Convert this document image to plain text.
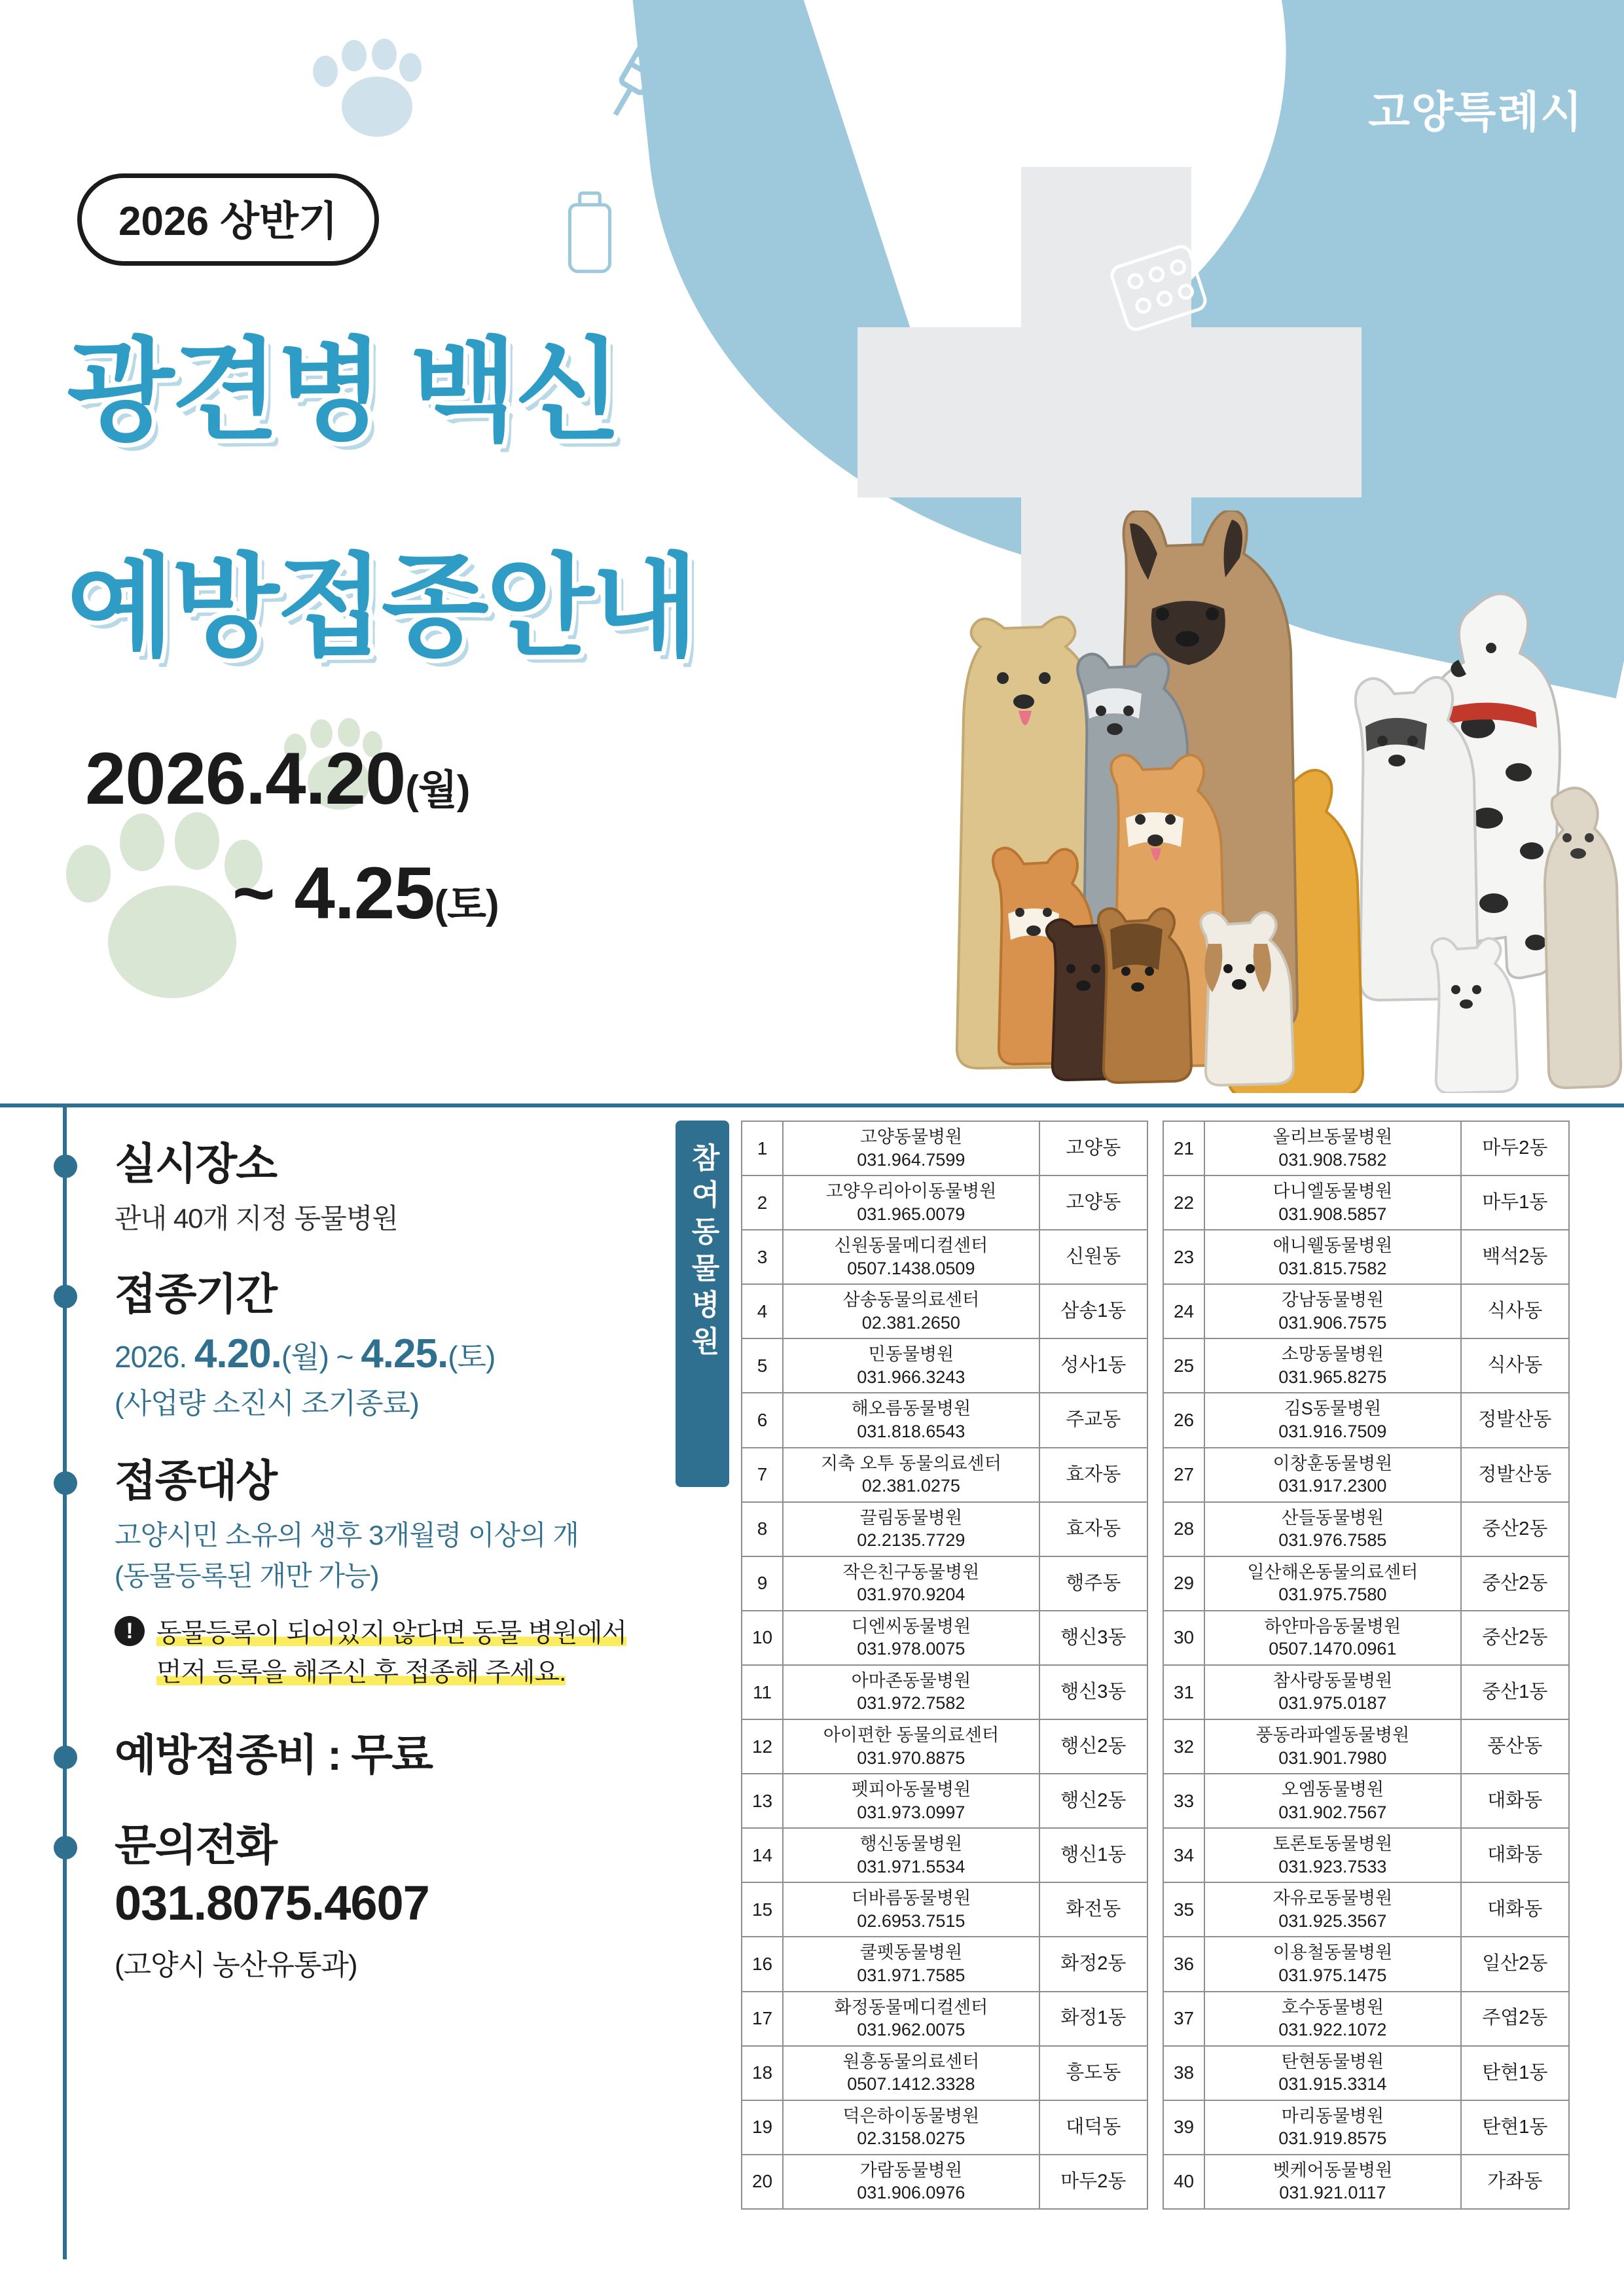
고양특례시
2026 상반기
광견병 백신
예방접종안내
2026.4.20(월)
~ 4.25(토)
실시장소
관내 40개 지정 동물병원
접종기간
2026. 4.20.(월) ~ 4.25.(토)
(사업량 소진시 조기종료)
접종대상
고양시민 소유의 생후 3개월령 이상의 개
(동물등록된 개만 가능)
! 동물등록이 되어있지 않다면 동물 병원에서
먼저 등록을 해주신 후 접종해 주세요.
예방접종비 : 무료
문의전화
031.8075.4607
(고양시 농산유통과)
참여동물병원 1	고양동물병원
031.964.7599	고양동
2	고양우리아이동물병원
031.965.0079	고양동
3	신원동물메디컬센터
0507.1438.0509	신원동
4	삼송동물의료센터
02.381.2650	삼송1동
5	민동물병원
031.966.3243	성사1동
6	해오름동물병원
031.818.6543	주교동
7	지축 오투 동물의료센터
02.381.0275	효자동
8	끌림동물병원
02.2135.7729	효자동
9	작은친구동물병원
031.970.9204	행주동
10	디엔씨동물병원
031.978.0075	행신3동
11	아마존동물병원
031.972.7582	행신3동
12	아이편한 동물의료센터
031.970.8875	행신2동
13	펫피아동물병원
031.973.0997	행신2동
14	행신동물병원
031.971.5534	행신1동
15	더바름동물병원
02.6953.7515	화전동
16	쿨펫동물병원
031.971.7585	화정2동
17	화정동물메디컬센터
031.962.0075	화정1동
18	원흥동물의료센터
0507.1412.3328	흥도동
19	덕은하이동물병원
02.3158.0275	대덕동
20	가람동물병원
031.906.0976	마두2동
21	올리브동물병원
031.908.7582	마두2동
22	다니엘동물병원
031.908.5857	마두1동
23	애니웰동물병원
031.815.7582	백석2동
24	강남동물병원
031.906.7575	식사동
25	소망동물병원
031.965.8275	식사동
26	김S동물병원
031.916.7509	정발산동
27	이창훈동물병원
031.917.2300	정발산동
28	산들동물병원
031.976.7585	중산2동
29	일산해온동물의료센터
031.975.7580	중산2동
30	하얀마음동물병원
0507.1470.0961	중산2동
31	참사랑동물병원
031.975.0187	중산1동
32	풍동라파엘동물병원
031.901.7980	풍산동
33	오엠동물병원
031.902.7567	대화동
34	토론토동물병원
031.923.7533	대화동
35	자유로동물병원
031.925.3567	대화동
36	이용철동물병원
031.975.1475	일산2동
37	호수동물병원
031.922.1072	주엽2동
38	탄현동물병원
031.915.3314	탄현1동
39	마리동물병원
031.919.8575	탄현1동
40	벳케어동물병원
031.921.0117	가좌동
